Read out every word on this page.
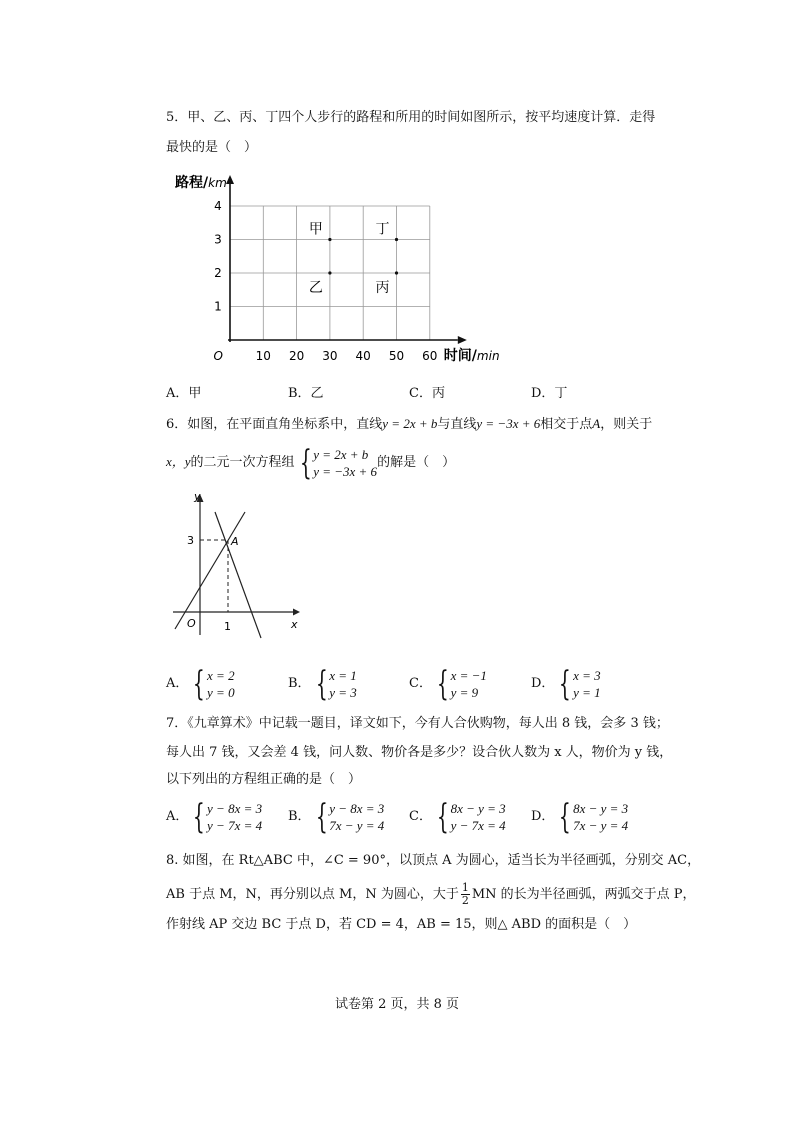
5．甲、乙、丙、丁四个人步行的路程和所用的时间如图所示，按平均速度计算．走得
最快的是（　）
10 20 30 40 50 60
1
2
3
4
O
路程/km
时间/min
甲
乙
丁
丙
A．甲	B．乙	C．丙	D．丁
6．如图，在平面直角坐标系中，直线y = 2x + b与直线y = −3x + 6相交于点A，则关于
x，y的二元一次方程组 { y = 2x + b
y = −3x + 6
的解是（　）
y
x
O
3
1
A
A． { x = 2
y = 0
B． { x = 1
y = 3
C． { x = −1
y = 9
D． { x = 3
y = 1
7．《九章算术》中记载一题目，译文如下，今有人合伙购物，每人出 8 钱，会多 3 钱；
每人出 7 钱，又会差 4 钱，问人数、物价各是多少？设合伙人数为 x 人，物价为 y 钱，
以下列出的方程组正确的是（　）
A． { y − 8x = 3
y − 7x = 4
B． { y − 8x = 3
7x − y = 4
C． { 8x − y = 3
y − 7x = 4
D． { 8x − y = 3
7x − y = 4
8. 如图，在 Rt△ABC 中，∠C = 90°，以顶点 A 为圆心，适当长为半径画弧，分别交 AC，
AB 于点 M，N，再分别以点 M，N 为圆心，大于 $\frac{1}{2}$ MN 的长为半径画弧，两弧交于点 P，
作射线 AP 交边 BC 于点 D，若 CD = 4，AB = 15，则△ ABD 的面积是（　）
试卷第 2 页，共 8 页
